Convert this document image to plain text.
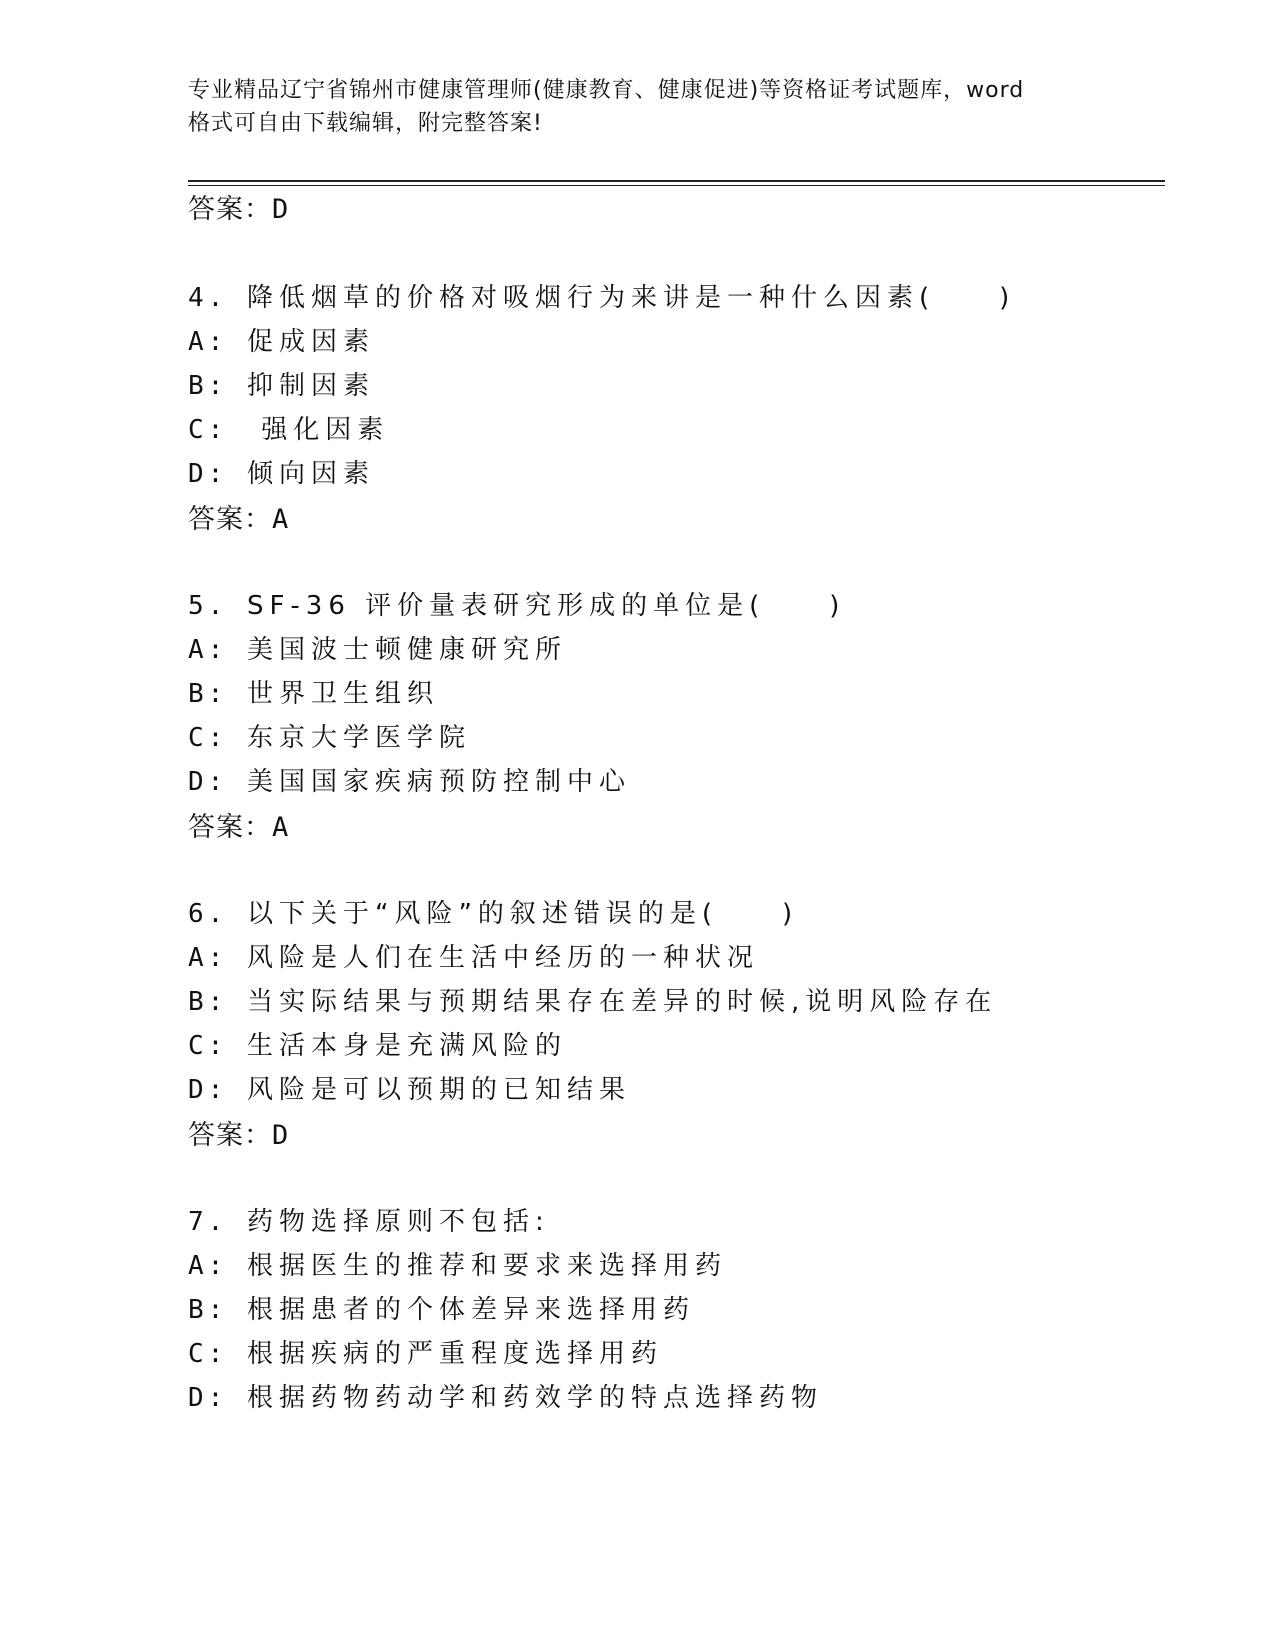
专业精品辽宁省锦州市健康管理师(健康教育、健康促进)等资格证考试题库，word
格式可自由下载编辑，附完整答案!
答案：D
4. 降低烟草的价格对吸烟行为来讲是一种什么因素(　　)
A: 促成因素
B: 抑制因素
C:  强化因素
D: 倾向因素
答案：A
5. SF-36 评价量表研究形成的单位是(　　)
A: 美国波士顿健康研究所
B: 世界卫生组织
C: 东京大学医学院
D: 美国国家疾病预防控制中心
答案：A
6. 以下关于“风险”的叙述错误的是(　　)
A: 风险是人们在生活中经历的一种状况
B: 当实际结果与预期结果存在差异的时候,说明风险存在
C: 生活本身是充满风险的
D: 风险是可以预期的已知结果
答案：D
7. 药物选择原则不包括:
A: 根据医生的推荐和要求来选择用药
B: 根据患者的个体差异来选择用药
C: 根据疾病的严重程度选择用药
D: 根据药物药动学和药效学的特点选择药物
